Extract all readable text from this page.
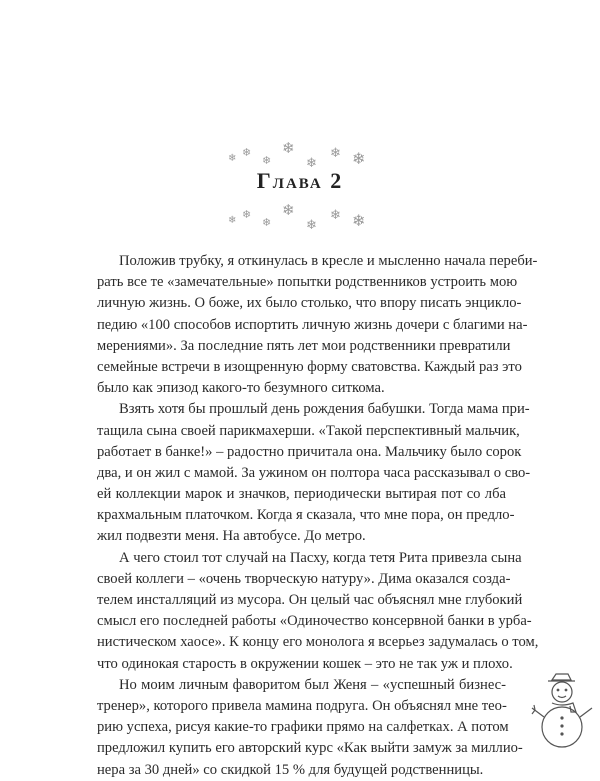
❄ ❄
❄
❄
❄
❄ ❄
Глава 2
❄ ❄
❄
❄
❄
❄ ❄
Положив трубку, я откинулась в кресле и мысленно начала переби-
рать все те «замечательные» попытки родственников устроить мою
личную жизнь. О боже, их было столько, что впору писать энцикло-
педию «100 способов испортить личную жизнь дочери с благими на-
мерениями». За последние пять лет мои родственники превратили
семейные встречи в изощренную форму сватовства. Каждый раз это
было как эпизод какого-то безумного ситкома.
Взять хотя бы прошлый день рождения бабушки. Тогда мама при-
тащила сына своей парикмахерши. «Такой перспективный мальчик,
работает в банке!» – радостно причитала она. Мальчику было сорок
два, и он жил с мамой. За ужином он полтора часа рассказывал о сво-
ей коллекции марок и значков, периодически вытирая пот со лба
крахмальным платочком. Когда я сказала, что мне пора, он предло-
жил подвезти меня. На автобусе. До метро.
А чего стоил тот случай на Пасху, когда тетя Рита привезла сына
своей коллеги – «очень творческую натуру». Дима оказался созда-
телем инсталляций из мусора. Он целый час объяснял мне глубокий
смысл его последней работы «Одиночество консервной банки в урба-
нистическом хаосе». К концу его монолога я всерьез задумалась о том,
что одинокая старость в окружении кошек – это не так уж и плохо.
Но моим личным фаворитом был Женя – «успешный бизнес-
тренер», которого привела мамина подруга. Он объяснял мне тео-
рию успеха, рисуя какие-то графики прямо на салфетках. А потом
предложил купить его авторский курс «Как выйти замуж за миллио-
нера за 30 дней» со скидкой 15 % для будущей родственницы.
